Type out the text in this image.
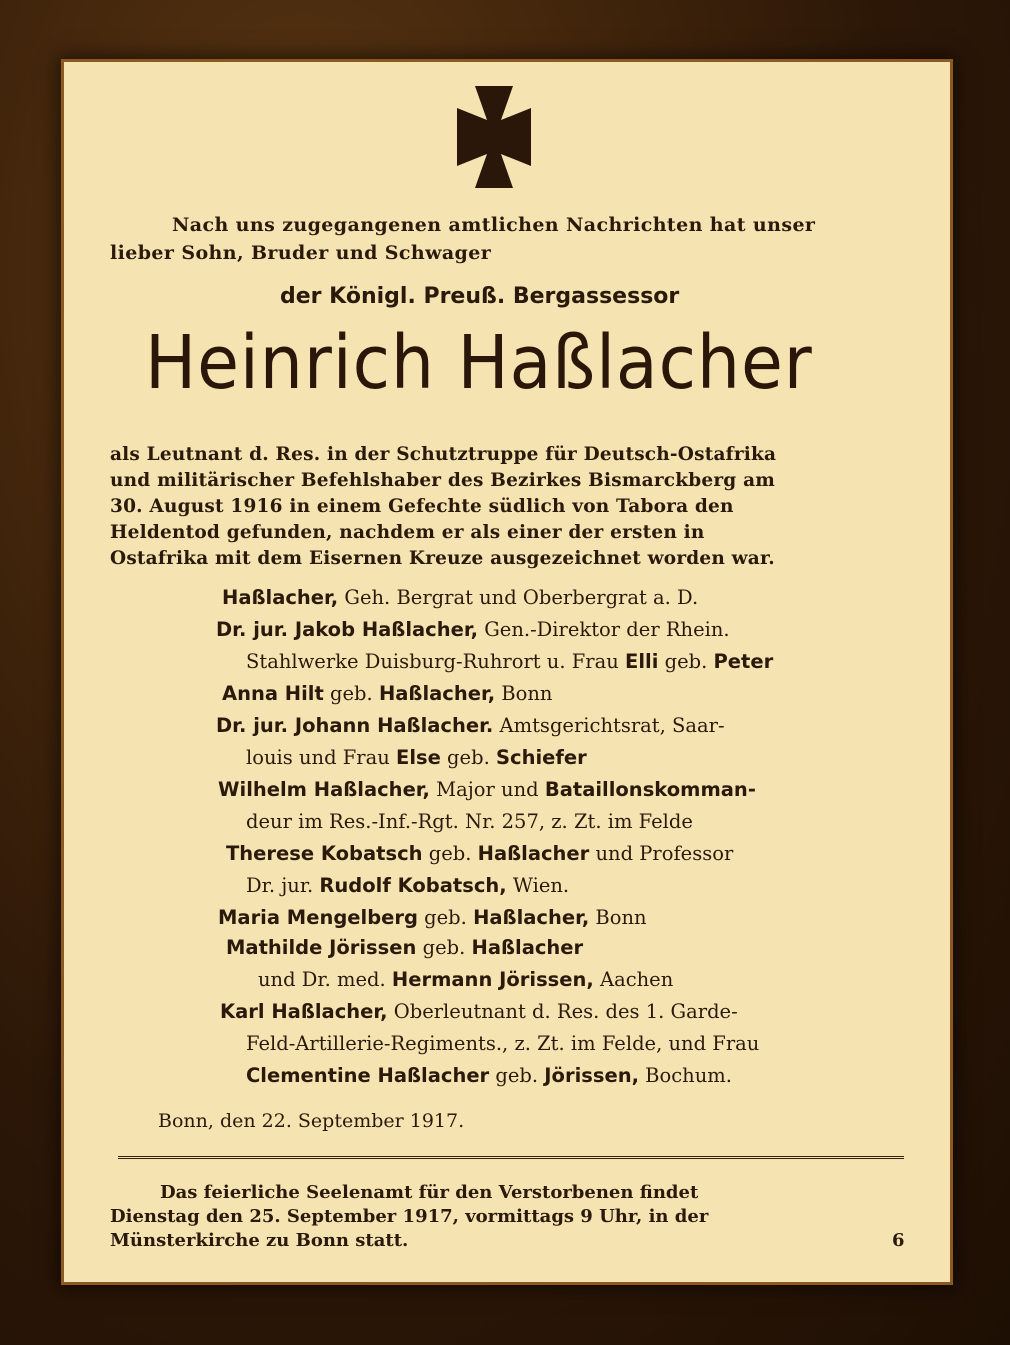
Nach uns zugegangenen amtlichen Nachrichten hat unser

lieber Sohn, Bruder und Schwager

der Königl. Preuß. Bergassessor

Heinrich Haßlacher

als Leutnant d. Res. in der Schutztruppe für Deutsch-Ostafrika

und militärischer Befehlshaber des Bezirkes Bismarckberg am

30. August 1916 in einem Gefechte südlich von Tabora den

Heldentod gefunden, nachdem er als einer der ersten in

Ostafrika mit dem Eisernen Kreuze ausgezeichnet worden war.

Haßlacher, Geh. Bergrat und Oberbergrat a. D.

Dr. jur. Jakob Haßlacher, Gen.-Direktor der Rhein.

Stahlwerke Duisburg-Ruhrort u. Frau Elli geb. Peter

Anna Hilt geb. Haßlacher, Bonn

Dr. jur. Johann Haßlacher. Amtsgerichtsrat, Saar-

louis und Frau Else geb. Schiefer

Wilhelm Haßlacher, Major und Bataillonskomman-

deur im Res.-Inf.-Rgt. Nr. 257, z. Zt. im Felde

Therese Kobatsch geb. Haßlacher und Professor

Dr. jur. Rudolf Kobatsch, Wien.

Maria Mengelberg geb. Haßlacher, Bonn

Mathilde Jörissen geb. Haßlacher

und Dr. med. Hermann Jörissen, Aachen

Karl Haßlacher, Oberleutnant d. Res. des 1. Garde-

Feld-Artillerie-Regiments., z. Zt. im Felde, und Frau

Clementine Haßlacher geb. Jörissen, Bochum.

Bonn, den 22. September 1917.

Das feierliche Seelenamt für den Verstorbenen findet

Dienstag den 25. September 1917, vormittags 9 Uhr, in der

Münsterkirche zu Bonn statt.	6
